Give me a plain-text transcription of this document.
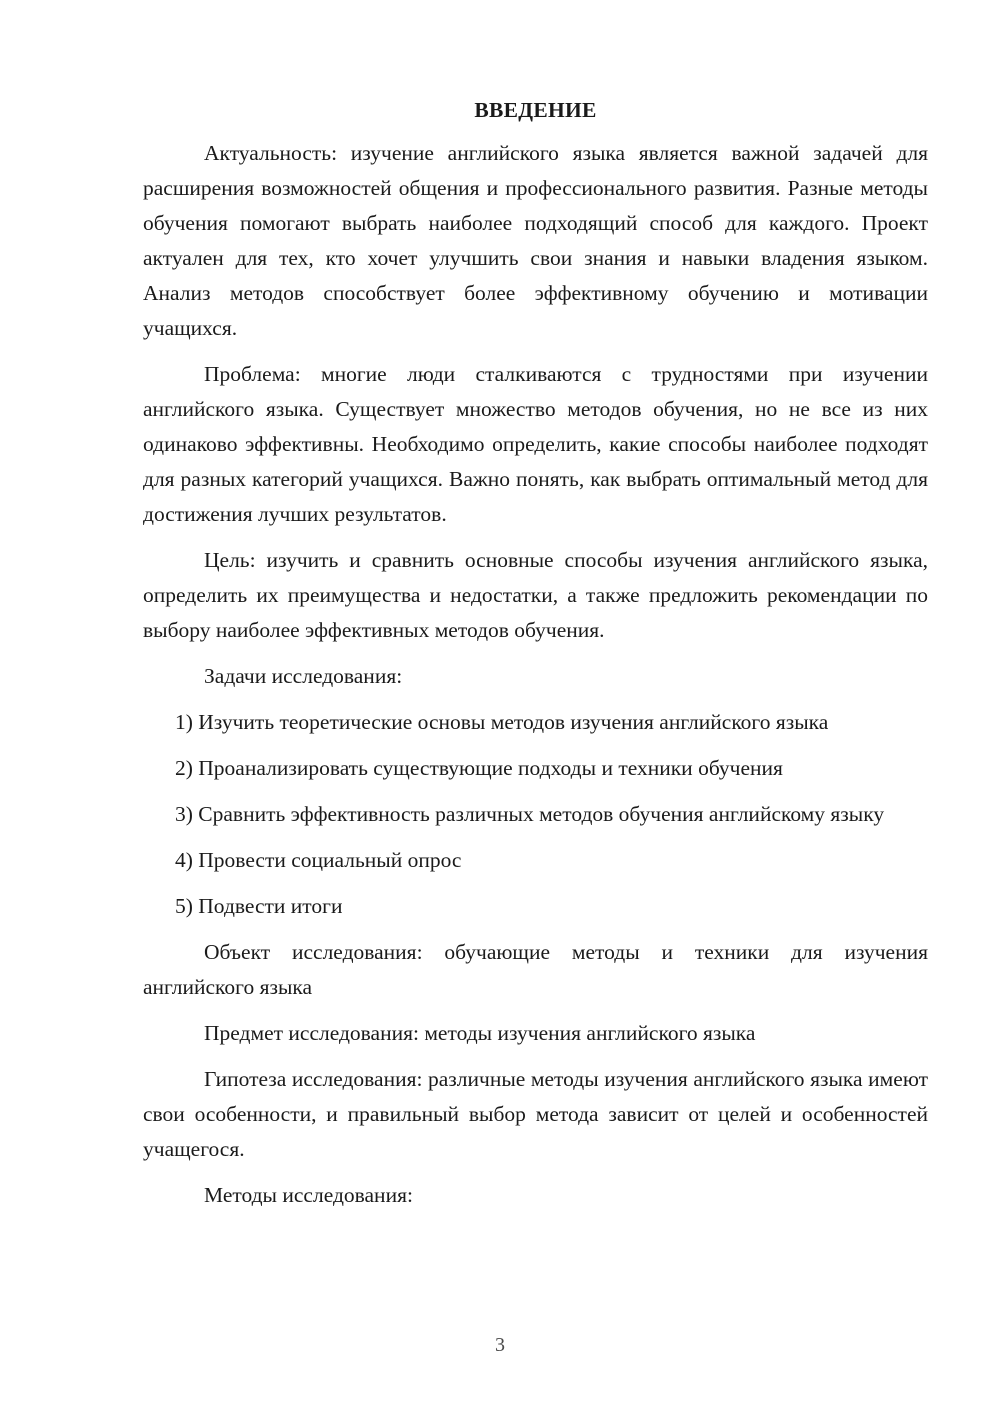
ВВЕДЕНИЕ

Актуальность: изучение английского языка является важной задачей для расширения возможностей общения и профессионального развития. Разные методы обучения помогают выбрать наиболее подходящий способ для каждого. Проект актуален для тех, кто хочет улучшить свои знания и навыки владения языком. Анализ методов способствует более эффективному обучению и мотивации учащихся.

Проблема: многие люди сталкиваются с трудностями при изучении английского языка. Существует множество методов обучения, но не все из них одинаково эффективны. Необходимо определить, какие способы наиболее подходят для разных категорий учащихся. Важно понять, как выбрать оптимальный метод для достижения лучших результатов.

Цель: изучить и сравнить основные способы изучения английского языка, определить их преимущества и недостатки, а также предложить рекомендации по выбору наиболее эффективных методов обучения.

Задачи исследования:

1) Изучить теоретические основы методов изучения английского языка

2) Проанализировать существующие подходы и техники обучения

3) Сравнить эффективность различных методов обучения английскому языку

4) Провести социальный опрос

5) Подвести итоги

Объект исследования: обучающие методы и техники для изучения английского языка

Предмет исследования: методы изучения английского языка

Гипотеза исследования: различные методы изучения английского языка имеют свои особенности, и правильный выбор метода зависит от целей и особенностей учащегося.

Методы исследования:

3
